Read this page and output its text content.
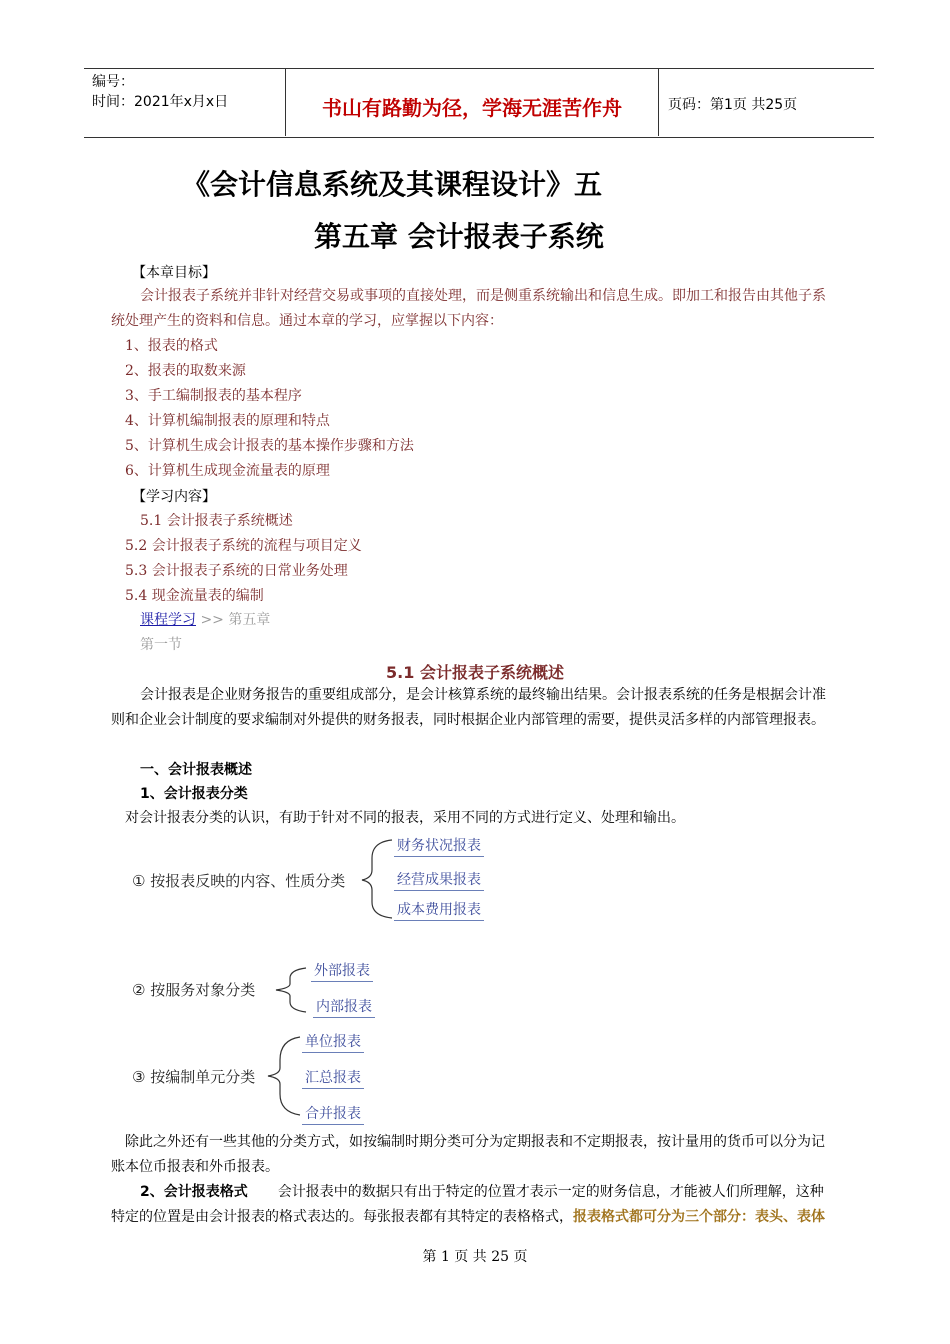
编号：
时间：2021年x月x日	书山有路勤为径，学海无涯苦作舟	页码：第1页 共25页
《会计信息系统及其课程设计》五
第五章 会计报表子系统
【本章目标】
会计报表子系统并非针对经营交易或事项的直接处理，而是侧重系统输出和信息生成。即加工和报告由其他子系
统处理产生的资料和信息。通过本章的学习，应掌握以下内容：
1、报表的格式
2、报表的取数来源
3、手工编制报表的基本程序
4、计算机编制报表的原理和特点
5、计算机生成会计报表的基本操作步骤和方法
6、计算机生成现金流量表的原理
【学习内容】
5.1 会计报表子系统概述
5.2 会计报表子系统的流程与项目定义
5.3 会计报表子系统的日常业务处理
5.4 现金流量表的编制
课程学习 >> 第五章
第一节
5.1 会计报表子系统概述
会计报表是企业财务报告的重要组成部分，是会计核算系统的最终输出结果。会计报表系统的任务是根据会计准
则和企业会计制度的要求编制对外提供的财务报表，同时根据企业内部管理的需要，提供灵活多样的内部管理报表。
一、会计报表概述
1、会计报表分类
对会计报表分类的认识，有助于针对不同的报表，采用不同的方式进行定义、处理和输出。
① 按报表反映的内容、性质分类
财务状况报表
经营成果报表
成本费用报表
② 按服务对象分类
外部报表
内部报表
③ 按编制单元分类
单位报表
汇总报表
合并报表
除此之外还有一些其他的分类方式，如按编制时期分类可分为定期报表和不定期报表，按计量用的货币可以分为记
账本位币报表和外币报表。
2、会计报表格式 会计报表中的数据只有出于特定的位置才表示一定的财务信息，才能被人们所理解，这种
特定的位置是由会计报表的格式表达的。每张报表都有其特定的表格格式，报表格式都可分为三个部分：表头、表体
第 1 页 共 25 页
